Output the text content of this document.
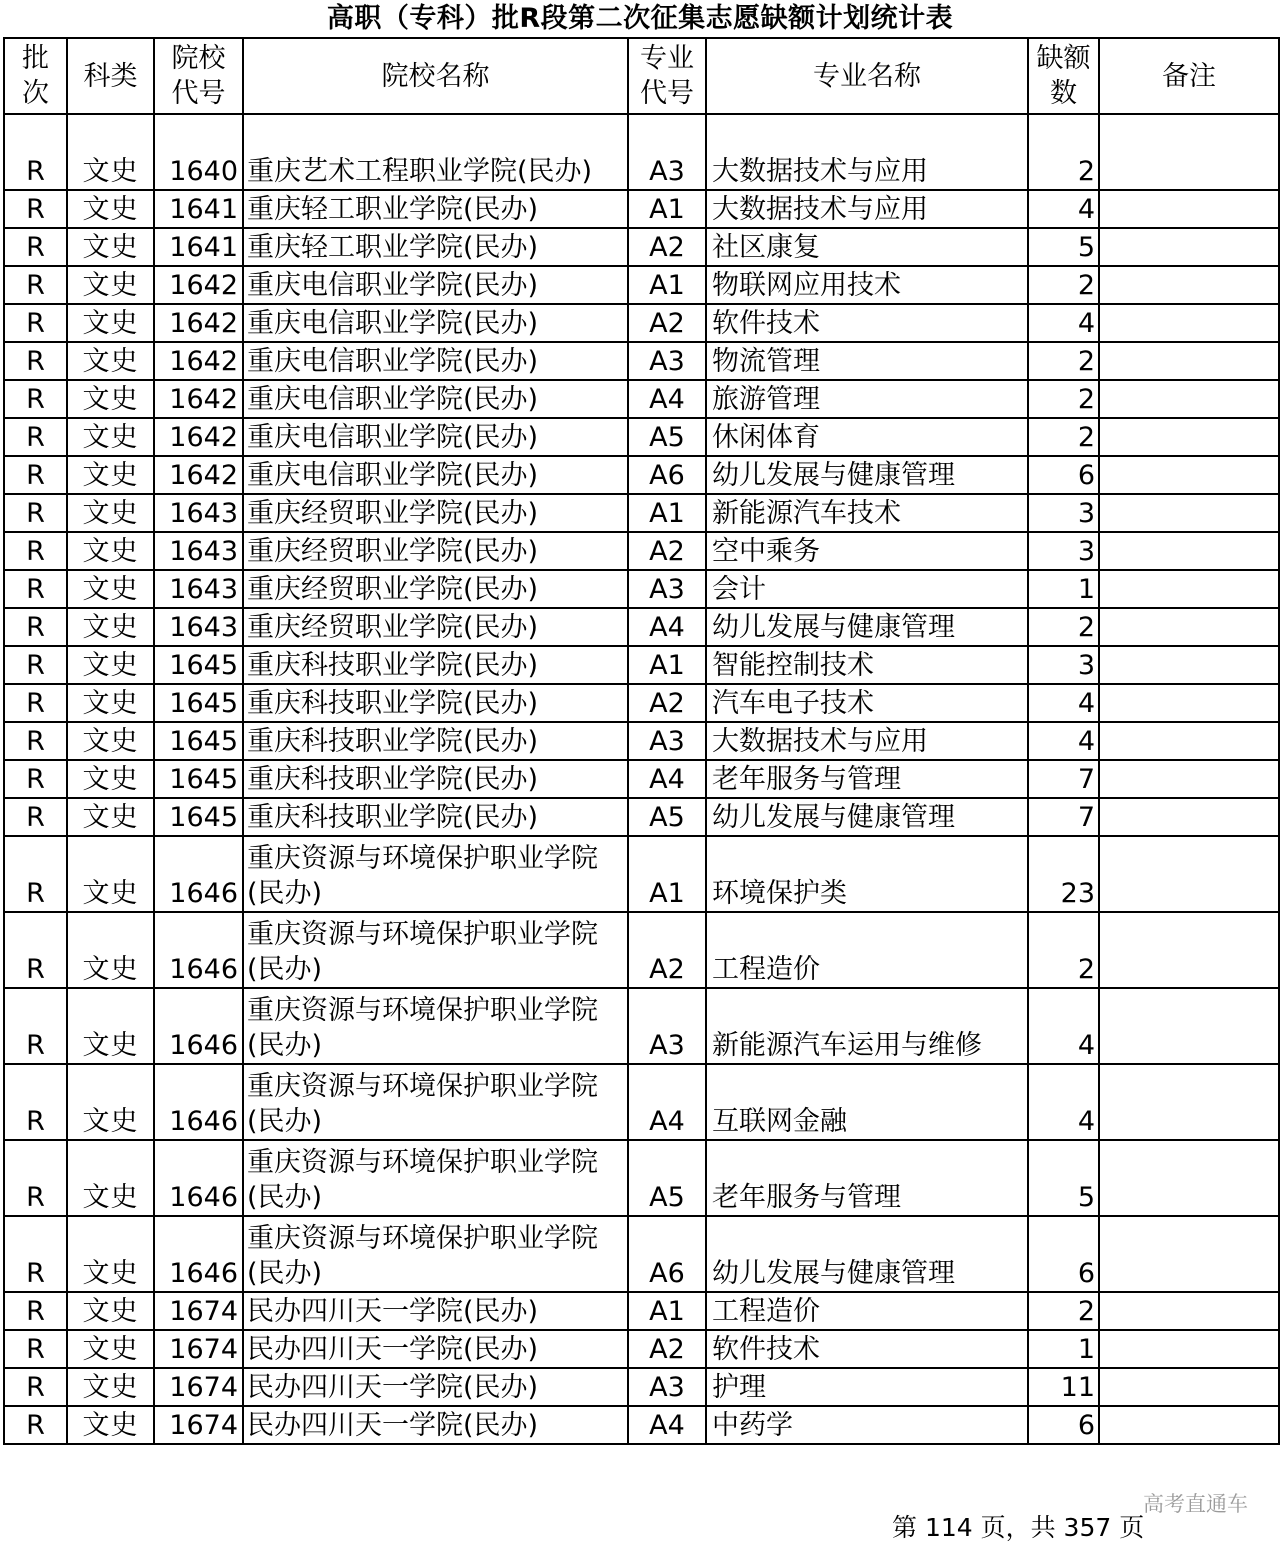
高职（专科）批R段第二次征集志愿缺额计划统计表
批次	科类	院校代号	院校名称	专业代号	专业名称	缺额数	备注
R	文史	1640	重庆艺术工程职业学院(民办)	A3	大数据技术与应用	2	
R	文史	1641	重庆轻工职业学院(民办)	A1	大数据技术与应用	4	
R	文史	1641	重庆轻工职业学院(民办)	A2	社区康复	5	
R	文史	1642	重庆电信职业学院(民办)	A1	物联网应用技术	2	
R	文史	1642	重庆电信职业学院(民办)	A2	软件技术	4	
R	文史	1642	重庆电信职业学院(民办)	A3	物流管理	2	
R	文史	1642	重庆电信职业学院(民办)	A4	旅游管理	2	
R	文史	1642	重庆电信职业学院(民办)	A5	休闲体育	2	
R	文史	1642	重庆电信职业学院(民办)	A6	幼儿发展与健康管理	6	
R	文史	1643	重庆经贸职业学院(民办)	A1	新能源汽车技术	3	
R	文史	1643	重庆经贸职业学院(民办)	A2	空中乘务	3	
R	文史	1643	重庆经贸职业学院(民办)	A3	会计	1	
R	文史	1643	重庆经贸职业学院(民办)	A4	幼儿发展与健康管理	2	
R	文史	1645	重庆科技职业学院(民办)	A1	智能控制技术	3	
R	文史	1645	重庆科技职业学院(民办)	A2	汽车电子技术	4	
R	文史	1645	重庆科技职业学院(民办)	A3	大数据技术与应用	4	
R	文史	1645	重庆科技职业学院(民办)	A4	老年服务与管理	7	
R	文史	1645	重庆科技职业学院(民办)	A5	幼儿发展与健康管理	7	
R	文史	1646	重庆资源与环境保护职业学院(民办)	A1	环境保护类	23	
R	文史	1646	重庆资源与环境保护职业学院(民办)	A2	工程造价	2	
R	文史	1646	重庆资源与环境保护职业学院(民办)	A3	新能源汽车运用与维修	4	
R	文史	1646	重庆资源与环境保护职业学院(民办)	A4	互联网金融	4	
R	文史	1646	重庆资源与环境保护职业学院(民办)	A5	老年服务与管理	5	
R	文史	1646	重庆资源与环境保护职业学院(民办)	A6	幼儿发展与健康管理	6	
R	文史	1674	民办四川天一学院(民办)	A1	工程造价	2	
R	文史	1674	民办四川天一学院(民办)	A2	软件技术	1	
R	文史	1674	民办四川天一学院(民办)	A3	护理	11	
R	文史	1674	民办四川天一学院(民办)	A4	中药学	6	
高考直通车
第 114 页，共 357 页
